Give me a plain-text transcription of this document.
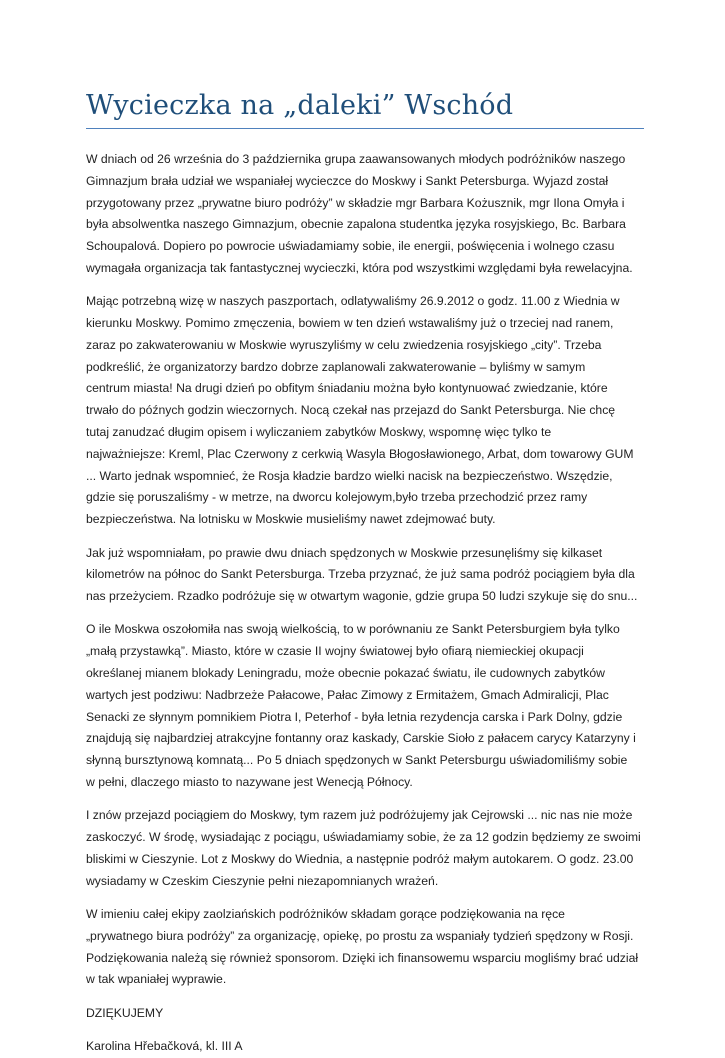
Wycieczka na „daleki” Wschód
W dniach od 26 września do 3 października grupa zaawansowanych młodych podróżników naszego
Gimnazjum brała udział we wspaniałej wycieczce do Moskwy i Sankt Petersburga. Wyjazd został
przygotowany przez „prywatne biuro podróży” w składzie mgr Barbara Kożusznik, mgr Ilona Omyła i
była absolwentka naszego Gimnazjum, obecnie zapalona studentka języka rosyjskiego, Bc. Barbara
Schoupalová. Dopiero po powrocie uświadamiamy sobie, ile energii, poświęcenia i wolnego czasu
wymagała organizacja tak fantastycznej wycieczki, która pod wszystkimi względami była rewelacyjna.
Mając potrzebną wizę w naszych paszportach, odlatywaliśmy 26.9.2012 o godz. 11.00 z Wiednia w
kierunku Moskwy. Pomimo zmęczenia, bowiem w ten dzień wstawaliśmy już o trzeciej nad ranem,
zaraz po zakwaterowaniu w Moskwie wyruszyliśmy w celu zwiedzenia rosyjskiego „city”. Trzeba
podkreślić, że organizatorzy bardzo dobrze zaplanowali zakwaterowanie – byliśmy w samym
centrum miasta! Na drugi dzień po obfitym śniadaniu można było kontynuować zwiedzanie, które
trwało do późnych godzin wieczornych. Nocą czekał nas przejazd do Sankt Petersburga. Nie chcę
tutaj zanudzać długim opisem i wyliczaniem zabytków Moskwy, wspomnę więc tylko te
najważniejsze: Kreml, Plac Czerwony z cerkwią Wasyla Błogosławionego, Arbat, dom towarowy GUM
... Warto jednak wspomnieć, że Rosja kładzie bardzo wielki nacisk na bezpieczeństwo. Wszędzie,
gdzie się poruszaliśmy - w metrze, na dworcu kolejowym,było trzeba przechodzić przez ramy
bezpieczeństwa. Na lotnisku w Moskwie musieliśmy nawet zdejmować buty.
Jak już wspomniałam, po prawie dwu dniach spędzonych w Moskwie przesunęliśmy się kilkaset
kilometrów na północ do Sankt Petersburga. Trzeba przyznać, że już sama podróż pociągiem była dla
nas przeżyciem. Rzadko podróżuje się w otwartym wagonie, gdzie grupa 50 ludzi szykuje się do snu...
O ile Moskwa oszołomiła nas swoją wielkością, to w porównaniu ze Sankt Petersburgiem była tylko
„małą przystawką”. Miasto, które w czasie II wojny światowej było ofiarą niemieckiej okupacji
określanej mianem blokady Leningradu, może obecnie pokazać światu, ile cudownych zabytków
wartych jest podziwu: Nadbrzeże Pałacowe, Pałac Zimowy z Ermitażem, Gmach Admiralicji, Plac
Senacki ze słynnym pomnikiem Piotra I, Peterhof - była letnia rezydencja carska i Park Dolny, gdzie
znajdują się najbardziej atrakcyjne fontanny oraz kaskady, Carskie Sioło z pałacem carycy Katarzyny i
słynną bursztynową komnatą... Po 5 dniach spędzonych w Sankt Petersburgu uświadomiliśmy sobie
w pełni, dlaczego miasto to nazywane jest Wenecją Północy.
I znów przejazd pociągiem do Moskwy, tym razem już podróżujemy jak Cejrowski ... nic nas nie może
zaskoczyć. W środę, wysiadając z pociągu, uświadamiamy sobie, że za 12 godzin będziemy ze swoimi
bliskimi w Cieszynie. Lot z Moskwy do Wiednia, a następnie podróż małym autokarem. O godz. 23.00
wysiadamy w Czeskim Cieszynie pełni niezapomnianych wrażeń.
W imieniu całej ekipy zaolziańskich podróżników składam gorące podziękowania na ręce
„prywatnego biura podróży” za organizację, opiekę, po prostu za wspaniały tydzień spędzony w Rosji.
Podziękowania należą się również sponsorom. Dzięki ich finansowemu wsparciu mogliśmy brać udział
w tak wpaniałej wyprawie.
DZIĘKUJEMY
Karolina Hřebačková, kl. III A
